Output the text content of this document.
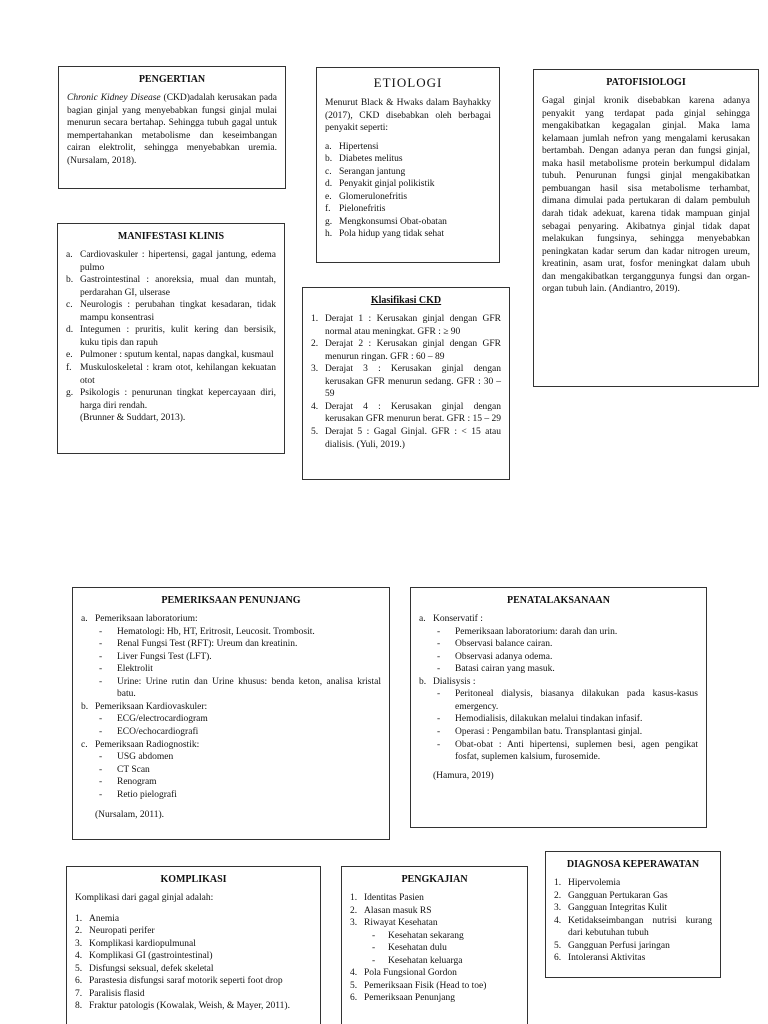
PENGERTIAN
Chronic Kidney Disease (CKD)adalah kerusakan pada bagian ginjal yang menyebabkan fungsi ginjal mulai menurun secara bertahap. Sehingga tubuh gagal untuk mempertahankan metabolisme dan keseimbangan cairan elektrolit, sehingga menyebabkan uremia. (Nursalam, 2018).
ETIOLOGI
Menurut Black & Hwaks dalam Bayhakky (2017), CKD disebabkan oleh berbagai penyakit seperti:
a. Hipertensi
b. Diabetes melitus
c. Serangan jantung
d. Penyakit ginjal polikistik
e. Glomerulonefritis
f. Pielonefritis
g. Mengkonsumsi Obat-obatan
h. Pola hidup yang tidak sehat
PATOFISIOLOGI
Gagal ginjal kronik disebabkan karena adanya penyakit yang terdapat pada ginjal sehingga mengakibatkan kegagalan ginjal. Maka lama kelamaan jumlah nefron yang mengalami kerusakan bertambah. Dengan adanya peran dan fungsi ginjal, maka hasil metabolisme protein berkumpul didalam tubuh. Penurunan fungsi ginjal mengakibatkan pembuangan hasil sisa metabolisme terhambat, dimana dimulai pada pertukaran di dalam pembuluh darah tidak adekuat, karena tidak mampuan ginjal sebagai penyaring. Akibatnya ginjal tidak dapat melakukan fungsinya, sehingga menyebabkan peningkatan kadar serum dan kadar nitrogen ureum, kreatinin, asam urat, fosfor meningkat dalam ubuh dan mengakibatkan terganggunya fungsi dan organ-organ tubuh lain. (Andiantro, 2019).
MANIFESTASI KLINIS
a. Cardiovaskuler : hipertensi, gagal jantung, edema pulmo
b. Gastrointestinal : anoreksia, mual dan muntah, perdarahan GI, ulserase
c. Neurologis : perubahan tingkat kesadaran, tidak mampu konsentrasi
d. Integumen : pruritis, kulit kering dan bersisik, kuku tipis dan rapuh
e. Pulmoner : sputum kental, napas dangkal, kusmaul
f. Muskuloskeletal : kram otot, kehilangan kekuatan otot
g. Psikologis : penurunan tingkat kepercayaan diri, harga diri rendah.
(Brunner & Suddart, 2013).
Klasifikasi CKD
1. Derajat 1 : Kerusakan ginjal dengan GFR normal atau meningkat. GFR : ≥ 90
2. Derajat 2 : Kerusakan ginjal dengan GFR menurun ringan. GFR : 60 – 89
3. Derajat 3 : Kerusakan ginjal dengan kerusakan GFR menurun sedang. GFR : 30 – 59
4. Derajat 4 : Kerusakan ginjal dengan kerusakan GFR menurun berat. GFR : 15 – 29
5. Derajat 5 : Gagal Ginjal. GFR : < 15 atau dialisis. (Yuli, 2019.)
PEMERIKSAAN PENUNJANG
a. Pemeriksaan laboratorium:
-	Hematologi: Hb, HT, Eritrosit, Leucosit. Trombosit.
-	Renal Fungsi Test (RFT): Ureum dan kreatinin.
-	Liver Fungsi Test (LFT).
-	Elektrolit
-	Urine: Urine rutin dan Urine khusus: benda keton, analisa kristal batu.
b. Pemeriksaan Kardiovaskuler:
-	ECG/electrocardiogram
-	ECO/echocardiografi
c. Pemeriksaan Radiognostik:
-	USG abdomen
-	CT Scan
-	Renogram
-	Retio pielografi
(Nursalam, 2011).
PENATALAKSANAAN
a. Konservatif :
-	Pemeriksaan laboratorium: darah dan urin.
-	Observasi balance cairan.
-	Observasi adanya odema.
-	Batasi cairan yang masuk.
b. Dialisysis :
-	Peritoneal dialysis, biasanya dilakukan pada kasus-kasus emergency.
-	Hemodialisis, dilakukan melalui tindakan infasif.
-	Operasi : Pengambilan batu. Transplantasi ginjal.
-	Obat-obat : Anti hipertensi, suplemen besi, agen pengikat fosfat, suplemen kalsium, furosemide.
(Hamura, 2019)
KOMPLIKASI
Komplikasi dari gagal ginjal adalah:
1. Anemia
2. Neuropati perifer
3. Komplikasi kardiopulmunal
4. Komplikasi GI (gastrointestinal)
5. Disfungsi seksual, defek skeletal
6. Parastesia disfungsi saraf motorik seperti foot drop
7. Paralisis flasid
8. Fraktur patologis (Kowalak, Weish, & Mayer, 2011).
PENGKAJIAN
1. Identitas Pasien
2. Alasan masuk RS
3. Riwayat Kesehatan
-	Kesehatan sekarang
-	Kesehatan dulu
-	Kesehatan keluarga
4. Pola Fungsional Gordon
5. Pemeriksaan Fisik (Head to toe)
6. Pemeriksaan Penunjang
DIAGNOSA KEPERAWATAN
1. Hipervolemia
2. Gangguan Pertukaran Gas
3. Gangguan Integritas Kulit
4. Ketidakseimbangan nutrisi kurang dari kebutuhan tubuh
5. Gangguan Perfusi jaringan
6. Intoleransi Aktivitas
